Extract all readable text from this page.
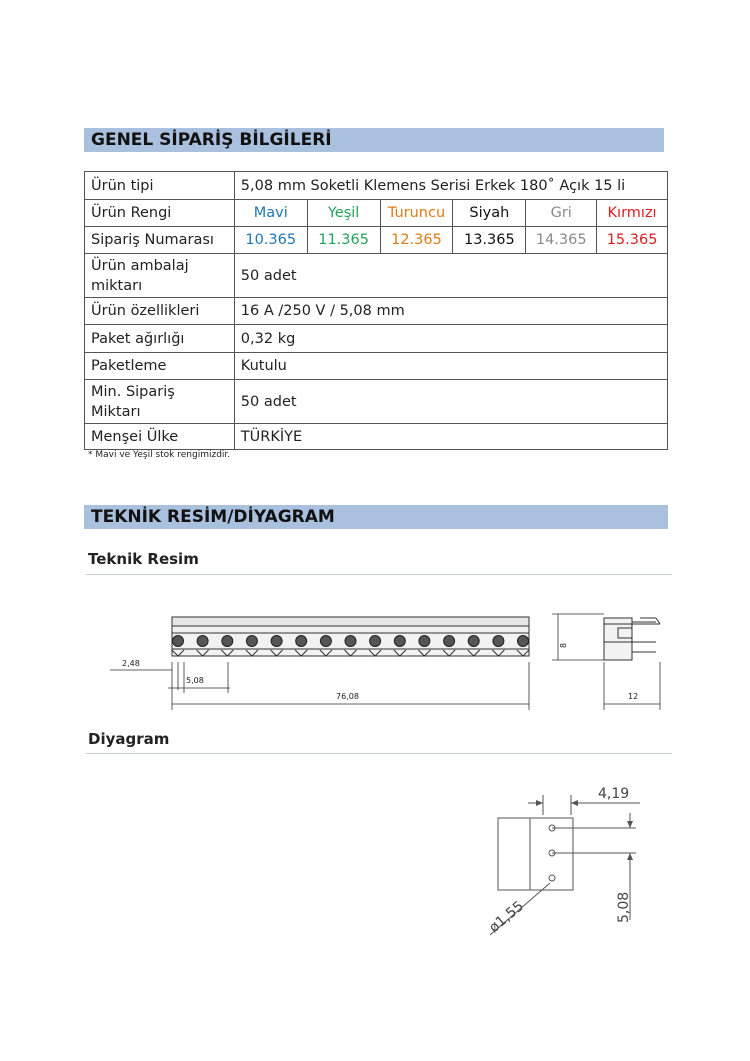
GENEL SİPARİŞ BİLGİLERİ
Ürün tipi	5,08 mm Soketli Klemens Serisi Erkek 180˚ Açık 15 li					
Ürün Rengi	Mavi	Yeşil	Turuncu	Siyah	Gri	Kırmızı
Sipariş Numarası	10.365	11.365	12.365	13.365	14.365	15.365
Ürün ambalaj miktarı	50 adet					
Ürün özellikleri	16 A /250 V / 5,08 mm					
Paket ağırlığı	0,32 kg					
Paketleme	Kutulu					
Min. Sipariş Miktarı	50 adet					
Menşei Ülke	TÜRKİYE					
* Mavi ve Yeşil stok rengimizdir.
TEKNİK RESİM/DİYAGRAM
Teknik Resim
2,48
5,08
76,08
8
12
Diyagram
4,19
5,08
ø1,55
